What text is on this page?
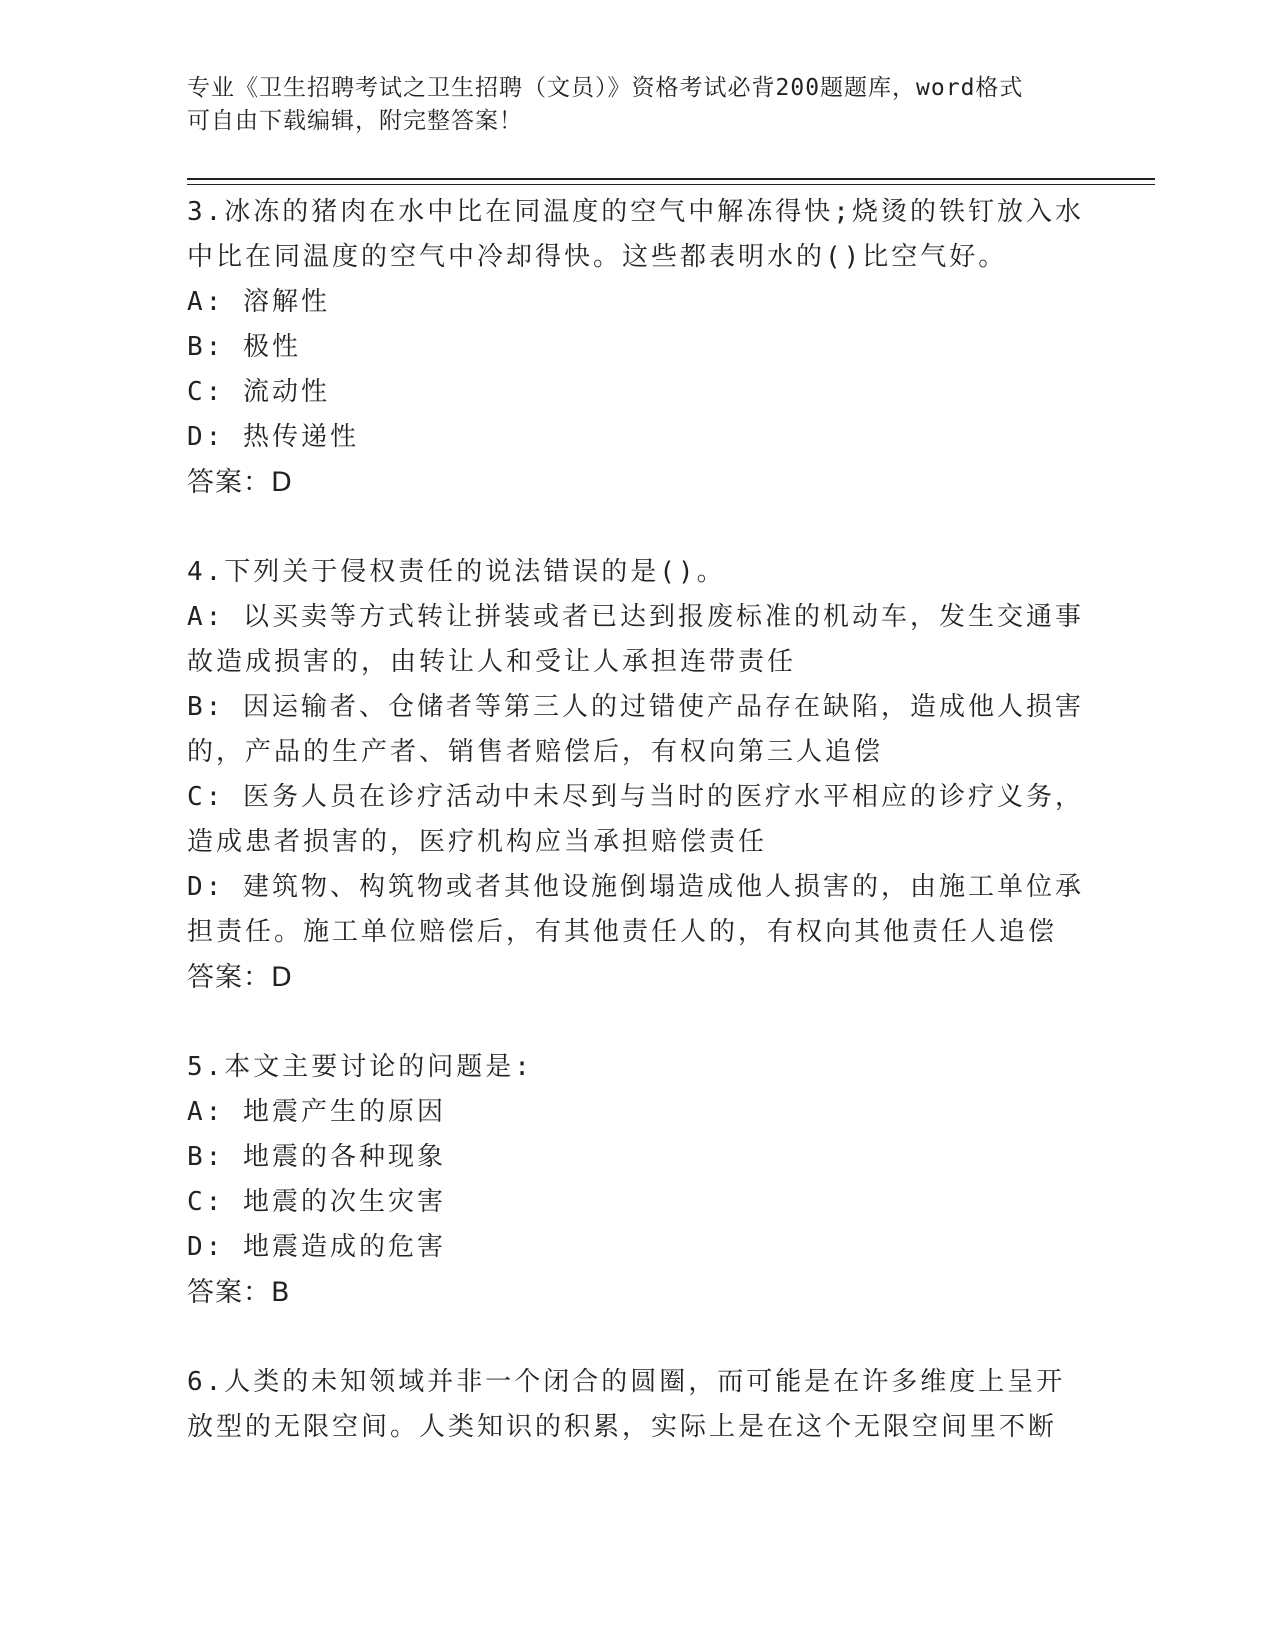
专业《卫生招聘考试之卫生招聘（文员）》资格考试必背200题题库，word格式
可自由下载编辑，附完整答案！
3.冰冻的猪肉在水中比在同温度的空气中解冻得快;烧烫的铁钉放入水
中比在同温度的空气中冷却得快。这些都表明水的()比空气好。
A: 溶解性
B: 极性
C: 流动性
D: 热传递性
答案：D
4.下列关于侵权责任的说法错误的是()。
A: 以买卖等方式转让拼装或者已达到报废标准的机动车，发生交通事
故造成损害的，由转让人和受让人承担连带责任
B: 因运输者、仓储者等第三人的过错使产品存在缺陷，造成他人损害
的，产品的生产者、销售者赔偿后，有权向第三人追偿
C: 医务人员在诊疗活动中未尽到与当时的医疗水平相应的诊疗义务，
造成患者损害的，医疗机构应当承担赔偿责任
D: 建筑物、构筑物或者其他设施倒塌造成他人损害的，由施工单位承
担责任。施工单位赔偿后，有其他责任人的，有权向其他责任人追偿
答案：D
5.本文主要讨论的问题是:
A: 地震产生的原因
B: 地震的各种现象
C: 地震的次生灾害
D: 地震造成的危害
答案：B
6.人类的未知领域并非一个闭合的圆圈，而可能是在许多维度上呈开
放型的无限空间。人类知识的积累，实际上是在这个无限空间里不断
